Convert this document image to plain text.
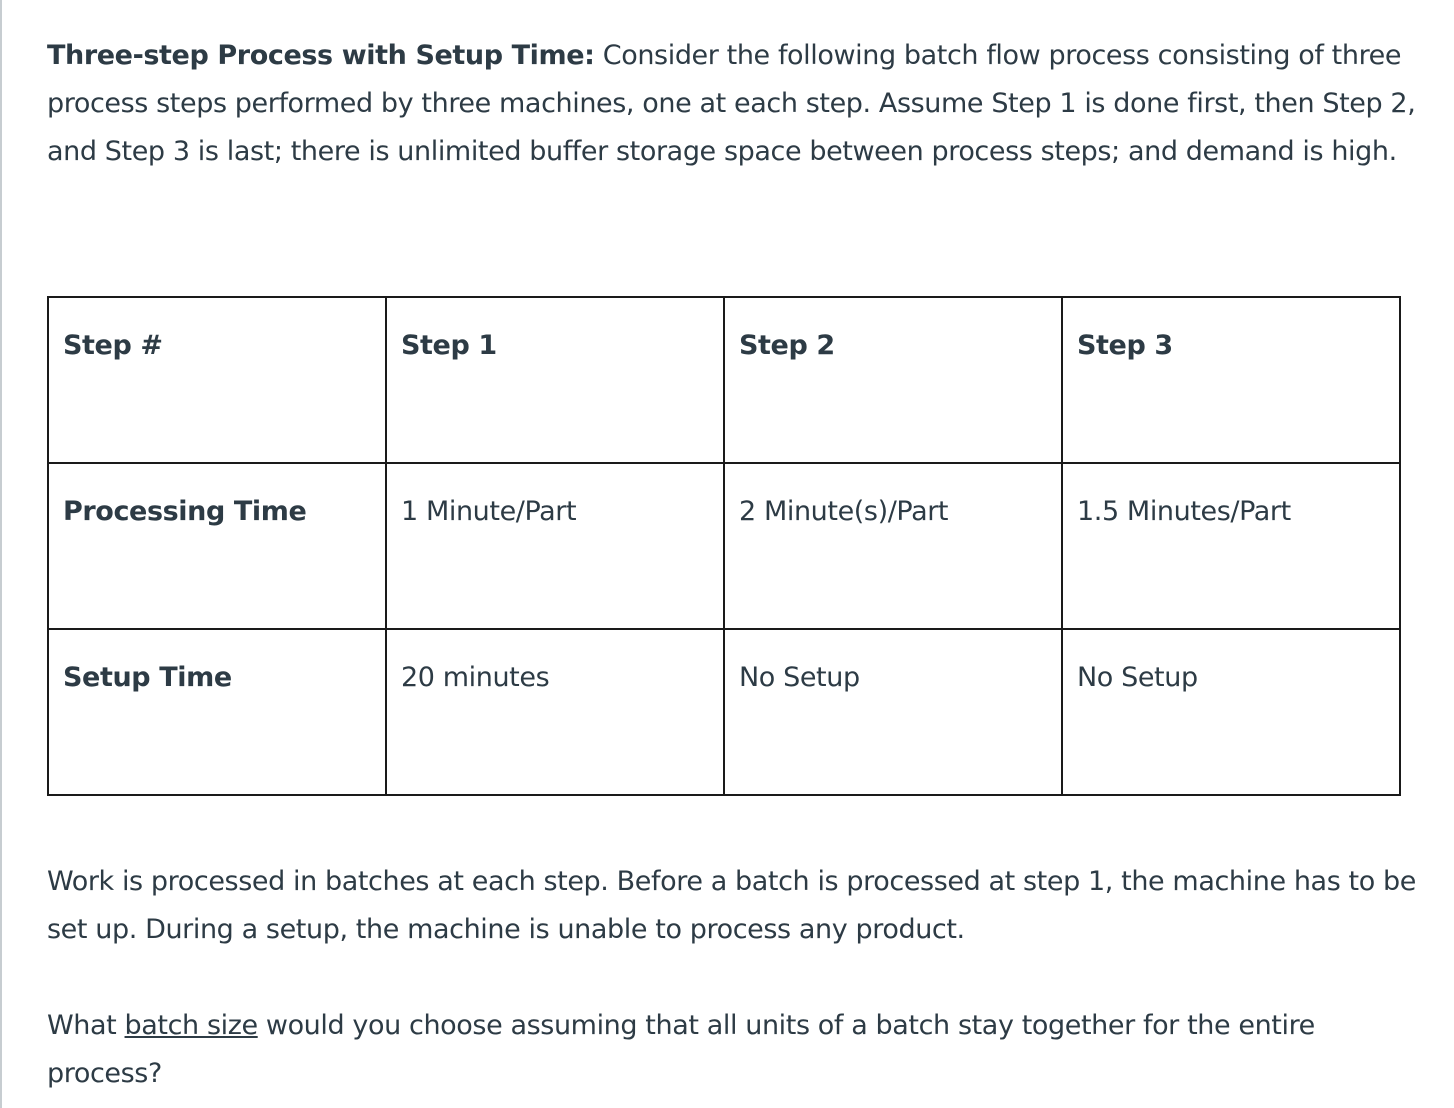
Three-step Process with Setup Time: Consider the following batch flow process consisting of three process steps performed by three machines, one at each step. Assume Step 1 is done first, then Step 2, and Step 3 is last; there is unlimited buffer storage space between process steps; and demand is high.

Step #	Step 1	Step 2	Step 3
Processing Time	1 Minute/Part	2 Minute(s)/Part	1.5 Minutes/Part
Setup Time	20 minutes	No Setup	No Setup

Work is processed in batches at each step. Before a batch is processed at step 1, the machine has to be set up. During a setup, the machine is unable to process any product.

What batch size would you choose assuming that all units of a batch stay together for the entire process?
